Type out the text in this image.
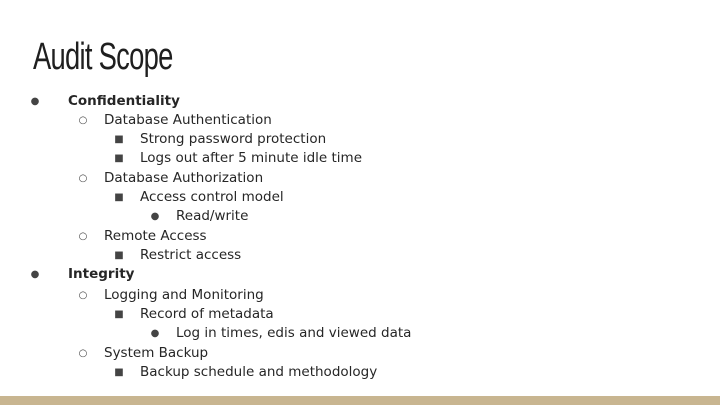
Audit Scope
● Confidentiality
○ Database Authentication
■ Strong password protection
■ Logs out after 5 minute idle time
○ Database Authorization
■ Access control model
● Read/write
○ Remote Access
■ Restrict access
● Integrity
○ Logging and Monitoring
■ Record of metadata
● Log in times, edis and viewed data
○ System Backup
■ Backup schedule and methodology
